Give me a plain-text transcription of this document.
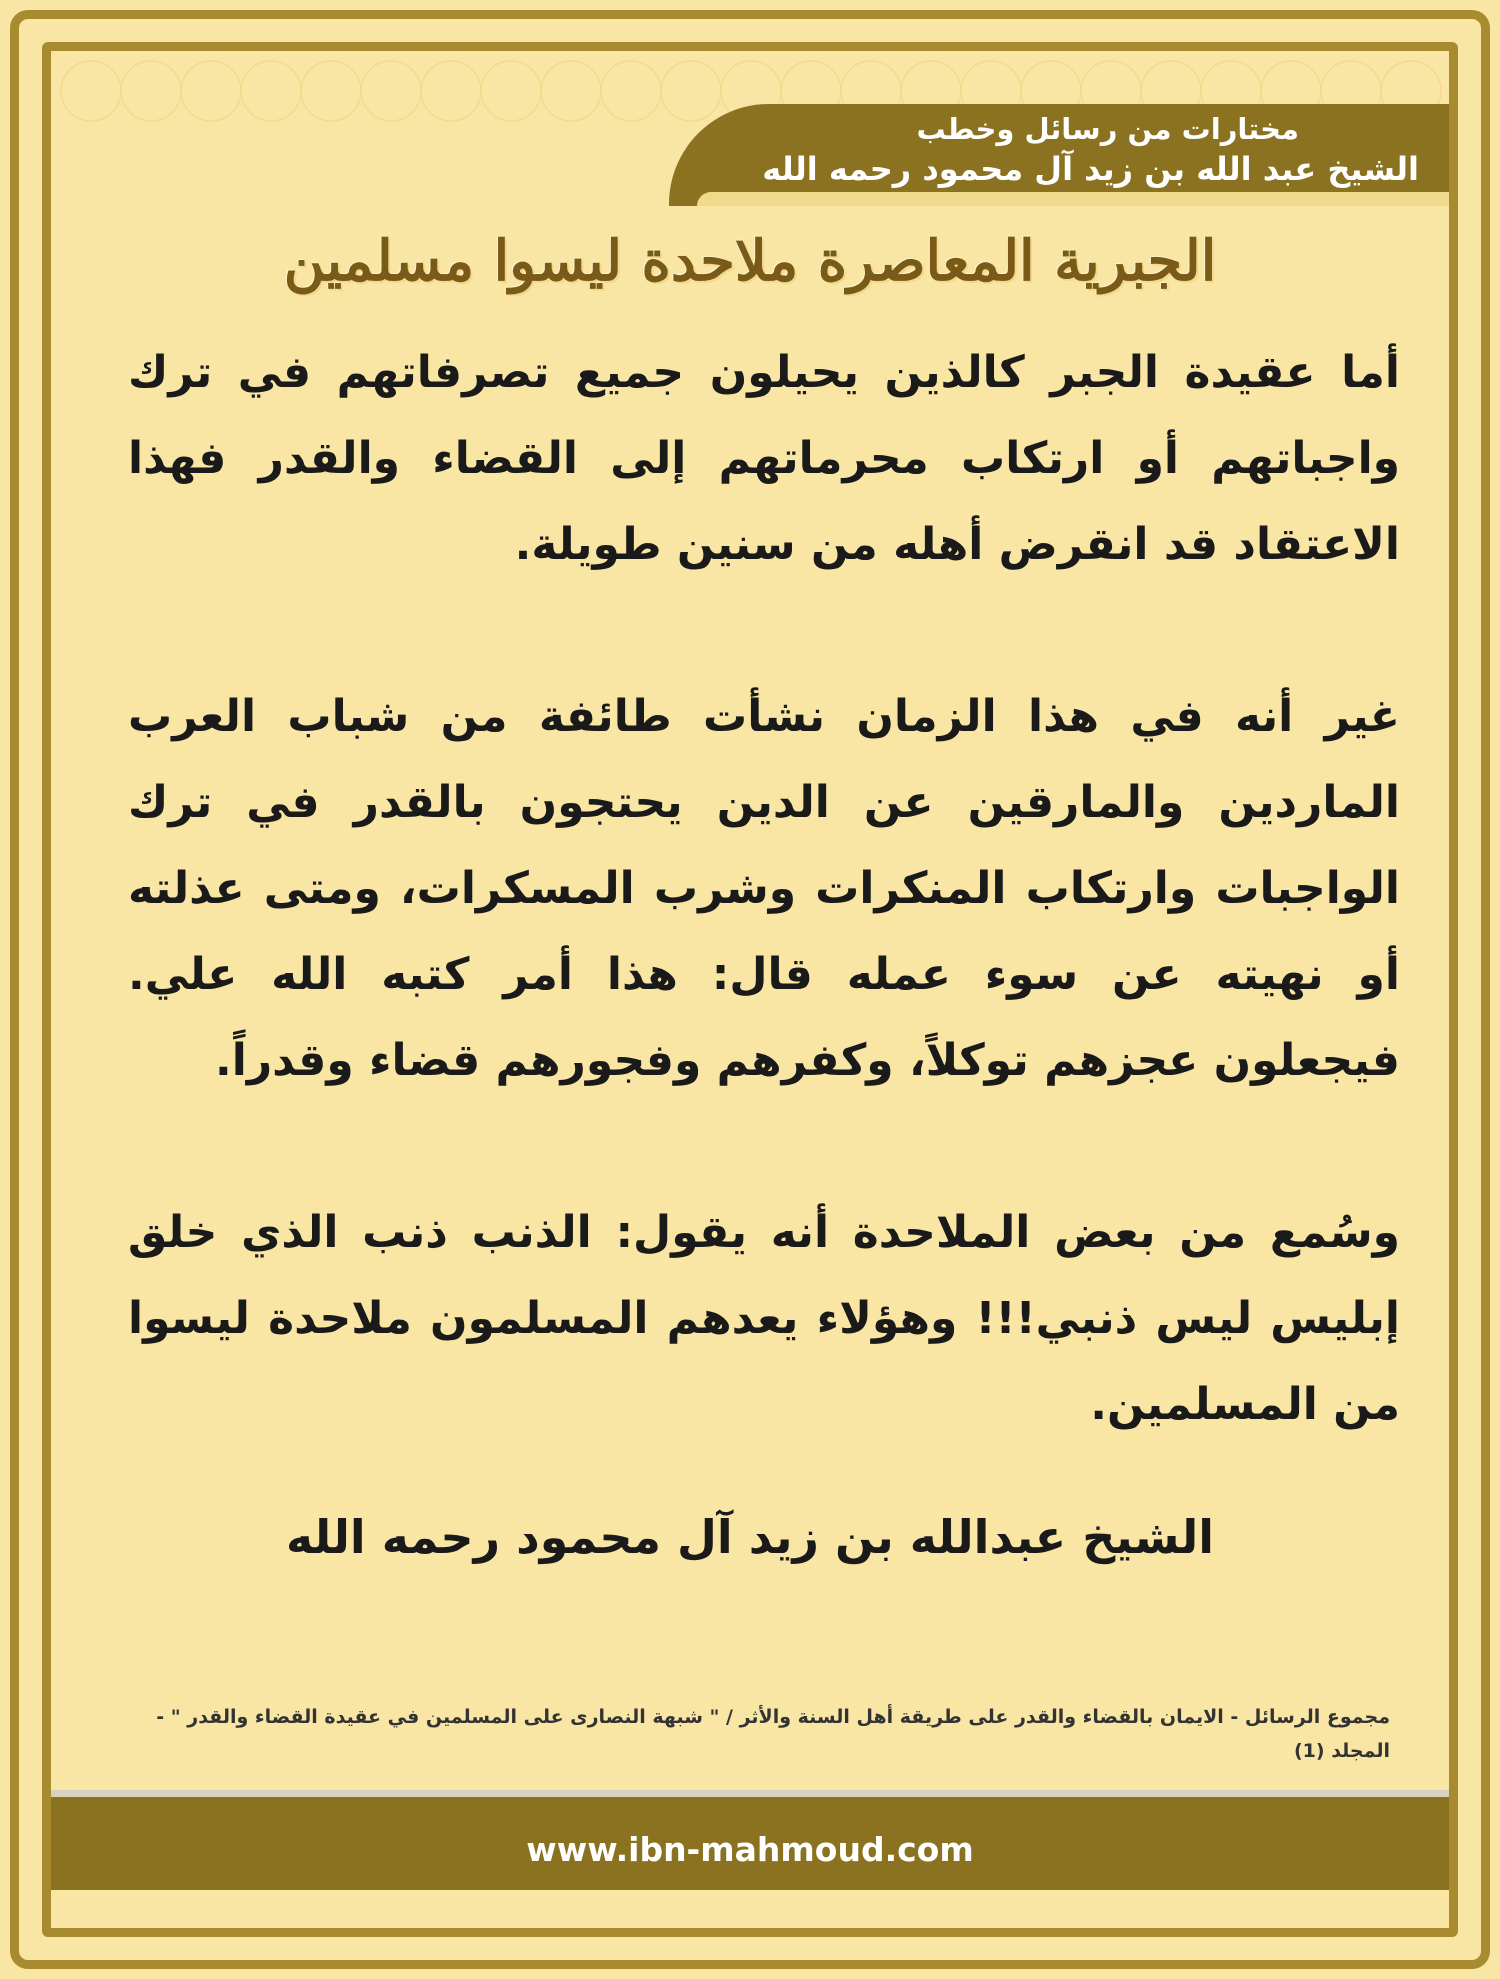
مختارات من رسائل وخطب
الشيخ عبد الله بن زيد آل محمود رحمه الله
الجبرية المعاصرة ملاحدة ليسوا مسلمين

أما عقيدة الجبر كالذين يحيلون جميع تصرفاتهم في ترك واجباتهم أو ارتكاب محرماتهم إلى القضاء والقدر فهذا الاعتقاد قد انقرض أهله من سنين طويلة.

غير أنه في هذا الزمان نشأت طائفة من شباب العرب الماردين والمارقين عن الدين يحتجون بالقدر في ترك الواجبات وارتكاب المنكرات وشرب المسكرات، ومتى عذلته أو نهيته عن سوء عمله قال: هذا أمر كتبه الله علي. فيجعلون عجزهم توكلاً، وكفرهم وفجورهم قضاء وقدراً.

وسُمع من بعض الملاحدة أنه يقول: الذنب ذنب الذي خلق إبليس ليس ذنبي!!! وهؤلاء يعدهم المسلمون ملاحدة ليسوا من المسلمين.

الشيخ عبدالله بن زيد آل محمود رحمه الله
مجموع الرسائل - الايمان بالقضاء والقدر على طريقة أهل السنة والأثر / " شبهة النصارى على المسلمين في عقيدة القضاء والقدر " - المجلد (1)
www.ibn-mahmoud.com
